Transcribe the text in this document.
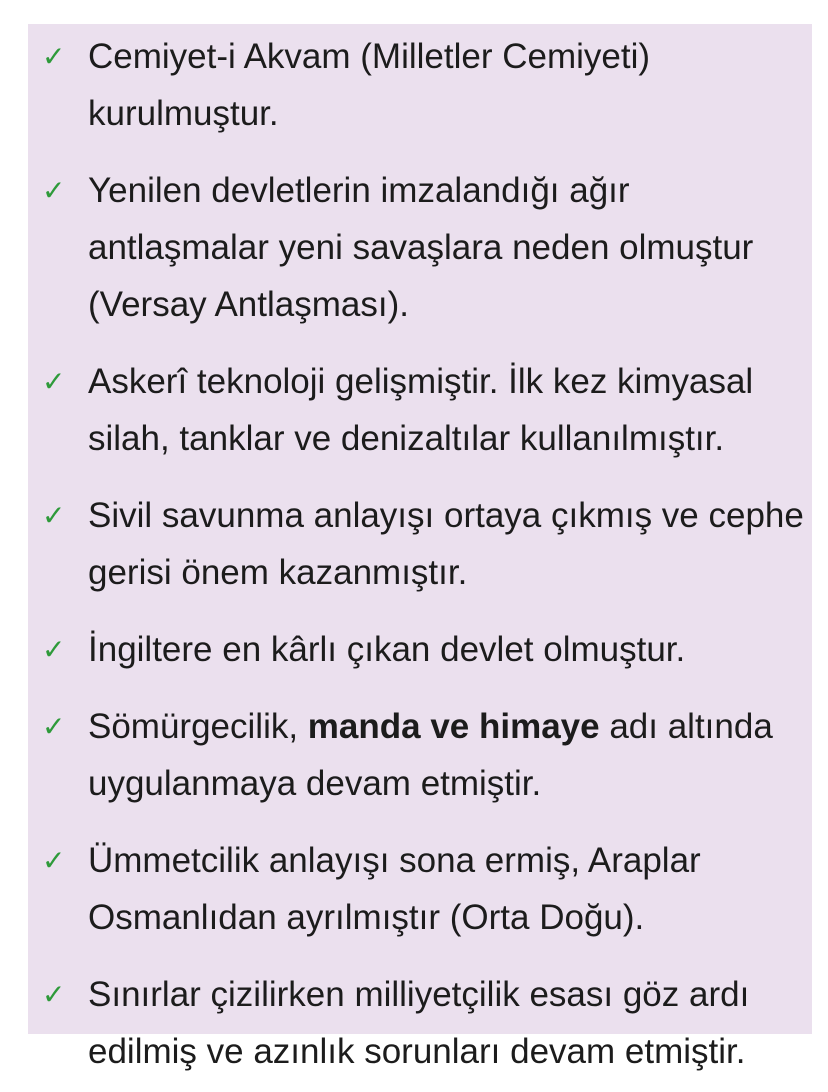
✓ Cemiyet-i Akvam (Milletler Cemiyeti) kurulmuştur.
✓ Yenilen devletlerin imzalandığı ağır antlaşmalar yeni savaşlara neden olmuştur (Versay Antlaşması).
✓ Askerî teknoloji gelişmiştir. İlk kez kimyasal silah, tanklar ve denizaltılar kullanılmıştır.
✓ Sivil savunma anlayışı ortaya çıkmış ve cephe gerisi önem kazanmıştır.
✓ İngiltere en kârlı çıkan devlet olmuştur.
✓ Sömürgecilik, manda ve himaye adı altında uygulanmaya devam etmiştir.
✓ Ümmetcilik anlayışı sona ermiş, Araplar Osmanlıdan ayrılmıştır (Orta Doğu).
✓ Sınırlar çizilirken milliyetçilik esası göz ardı edilmiş ve azınlık sorunları devam etmiştir.
